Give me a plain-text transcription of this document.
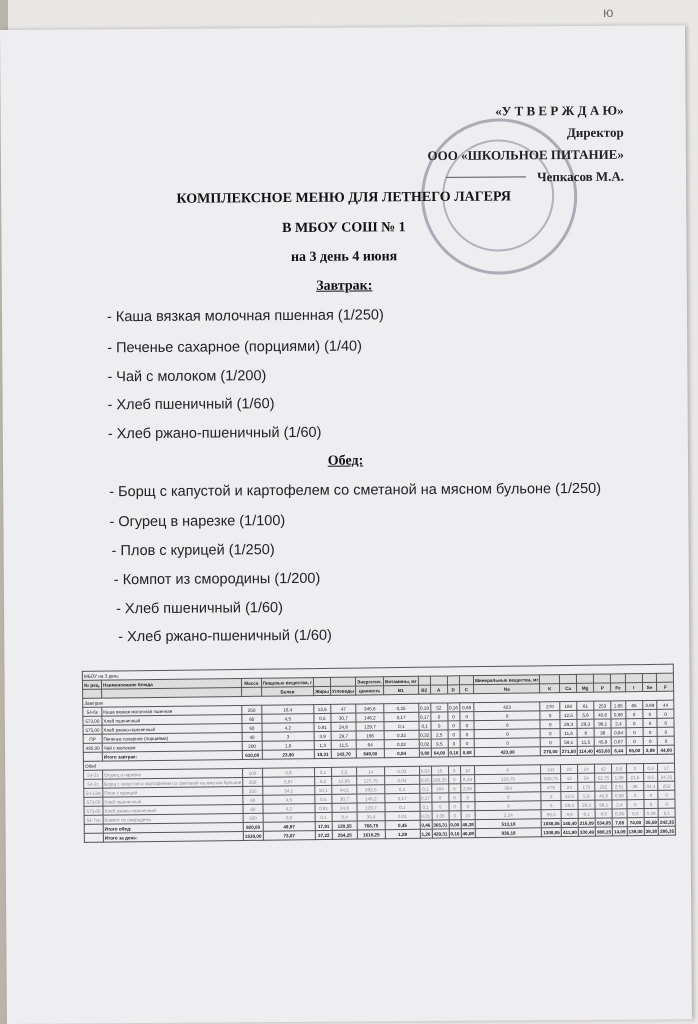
ю
«У Т В Е Р Ж Д А Ю»
Директор
ООО «ШКОЛЬНОЕ ПИТАНИЕ»
Чепкасов М.А.
КОМПЛЕКСНОЕ МЕНЮ ДЛЯ ЛЕТНЕГО ЛАГЕРЯ
В МБОУ СОШ № 1
на 3 день 4 июня
Завтрак:
- Каша вязкая молочная пшенная (1/250)
- Печенье сахарное (порциями) (1/40)
- Чай с молоком (1/200)
- Хлеб пшеничный (1/60)
- Хлеб ржано-пшеничный (1/60)
Обед:
- Борщ с капустой и картофелем со сметаной на мясном бульоне (1/250)
- Огурец в нарезке (1/100)
- Плов с курицей (1/250)
- Компот из смородины (1/200)
- Хлеб пшеничный (1/60)
- Хлеб ржано-пшеничный (1/60)
МБОУ на 3 день																				
№ рец.	Наименование блюда	Масса	Пищевые вещества, г			Энергетич.	Витамины, мг					Минеральные вещества, мг								
			Белки	Жиры	Углеводы	ценность	B1	B2	A	D	C	Na	K	Ca	Mg	P	Fe	I	Se	F
Завтрак																				
54-6к	Каша вязкая молочная пшенная	250	10,4	12,6	47	345,6	0,25	0,19	52	0,16	0,68	423	270	180	61	253	1,65	65	3,89	44
573,00	Хлеб пшеничный	60	4,5	0,5	30,7	146,2	0,17	0,17	0	0	0	0	0	12,5	5,6	40,6	0,68	0	0	0
575,00	Хлеб ржано-пшеничный	60	4,2	0,81	24,8	129,7	0,1	0,1	0	0	0	0	0	29,3	29,3	98,1	2,4	0	0	0
ПР	Печенье сахарное (порциями)	40	3	3,9	29,7	166	0,32	0,32	2,5	0	0	0	0	11,6	8	36	0,84	0	0	0
495,00	Чай с молоком	200	1,6	1,3	11,5	64	0,02	0,02	9,5	0	0	0	0	59,1	11,5	45,9	0,87	0	0	0
	Итого завтрак:	610,00	23,90	19,31	143,70	849,50	0,84	0,80	64,00	0,16	0,68	423,00	270,00	271,50	114,40	453,60	6,44	65,00	3,89	44,00
Обед																				
54-2з	Огурец в нарезке	100	0,8	0,1	2,5	14	0,03	0,03	10	0	10	8	141	23	14	42	0,6	3	0,3	17
54-2с	Борщ с капустой и картофелем со сметаной на мясном бульоне	250	5,87	6,2	12,65	127,75	0,04	0,05	169,25	0	8,43	133,75	330,75	42	24	52,75	1,08	21,5	0,5	24,25
54-12м	Плов с курицей	250	34,1	10,1	44,5	393,5	0,1	0,1	184	0	2,95	364	479	24	175	292	2,51	36	34,4	252
573,00	Хлеб пшеничный	60	4,5	0,5	30,7	146,2	0,17	0,17	0	0	0	0	0	12,5	5,6	40,6	0,68	0	0	0
575,00	Хлеб ржано-пшеничный	60	4,2	0,81	24,8	129,7	0,1	0,1	0	0	0	0	0	29,3	29,3	98,1	2,4	0	0	0
54-7хн	Компот из смородины	200	0,5	0,1	8,4	35,4	0,01	0,01	3,06	0	24	2,24	85,5	9,8	8,1	8,6	0,36	0,3	0,29	6,1
	Итого обед:	920,00	49,97	17,91	120,55	766,75	0,45	0,46	365,31	0,00	45,38	513,18	1038,05	140,40	216,09	534,05	7,65	74,00	35,59	242,35
	Итого за день:	1530,00	73,87	37,22	264,25	1616,25	1,29	1,26	429,31	0,16	46,08	936,18	1308,05	411,90	330,49	988,15	14,09	139,00	39,38	286,35
